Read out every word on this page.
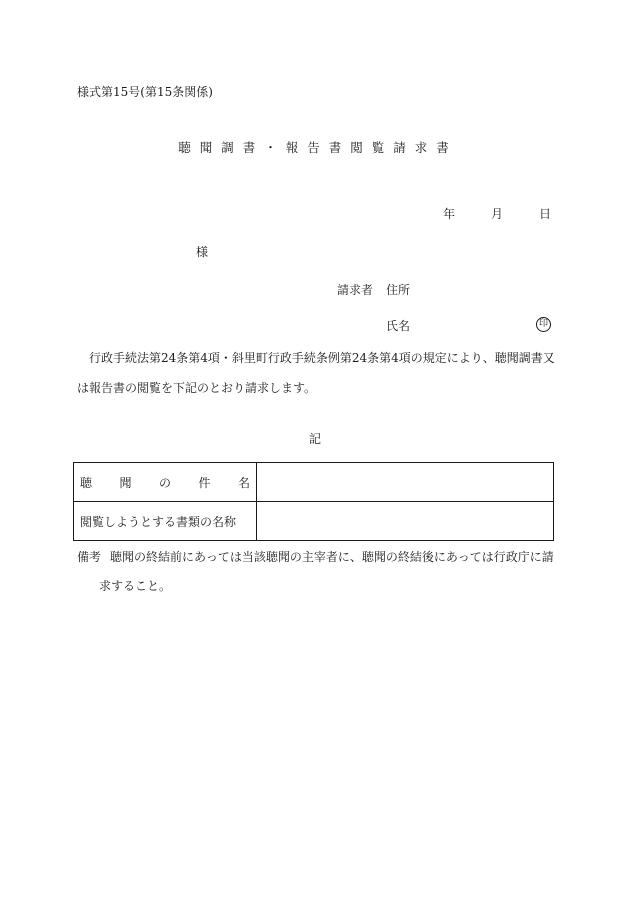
様式第15号(第15条関係)
聴聞調書・報告書閲覧請求書
年	月	日
様
請求者 住所
氏名	印
行政手続法第24条第4項・斜里町行政手続条例第24条第4項の規定により、聴聞調書又は報告書の閲覧を下記のとおり請求します。
記
聴 聞 の 件 名	

閲覧しようとする書類の名称	

備考 聴聞の終結前にあっては当該聴聞の主宰者に、聴聞の終結後にあっては行政庁に請
求すること。
